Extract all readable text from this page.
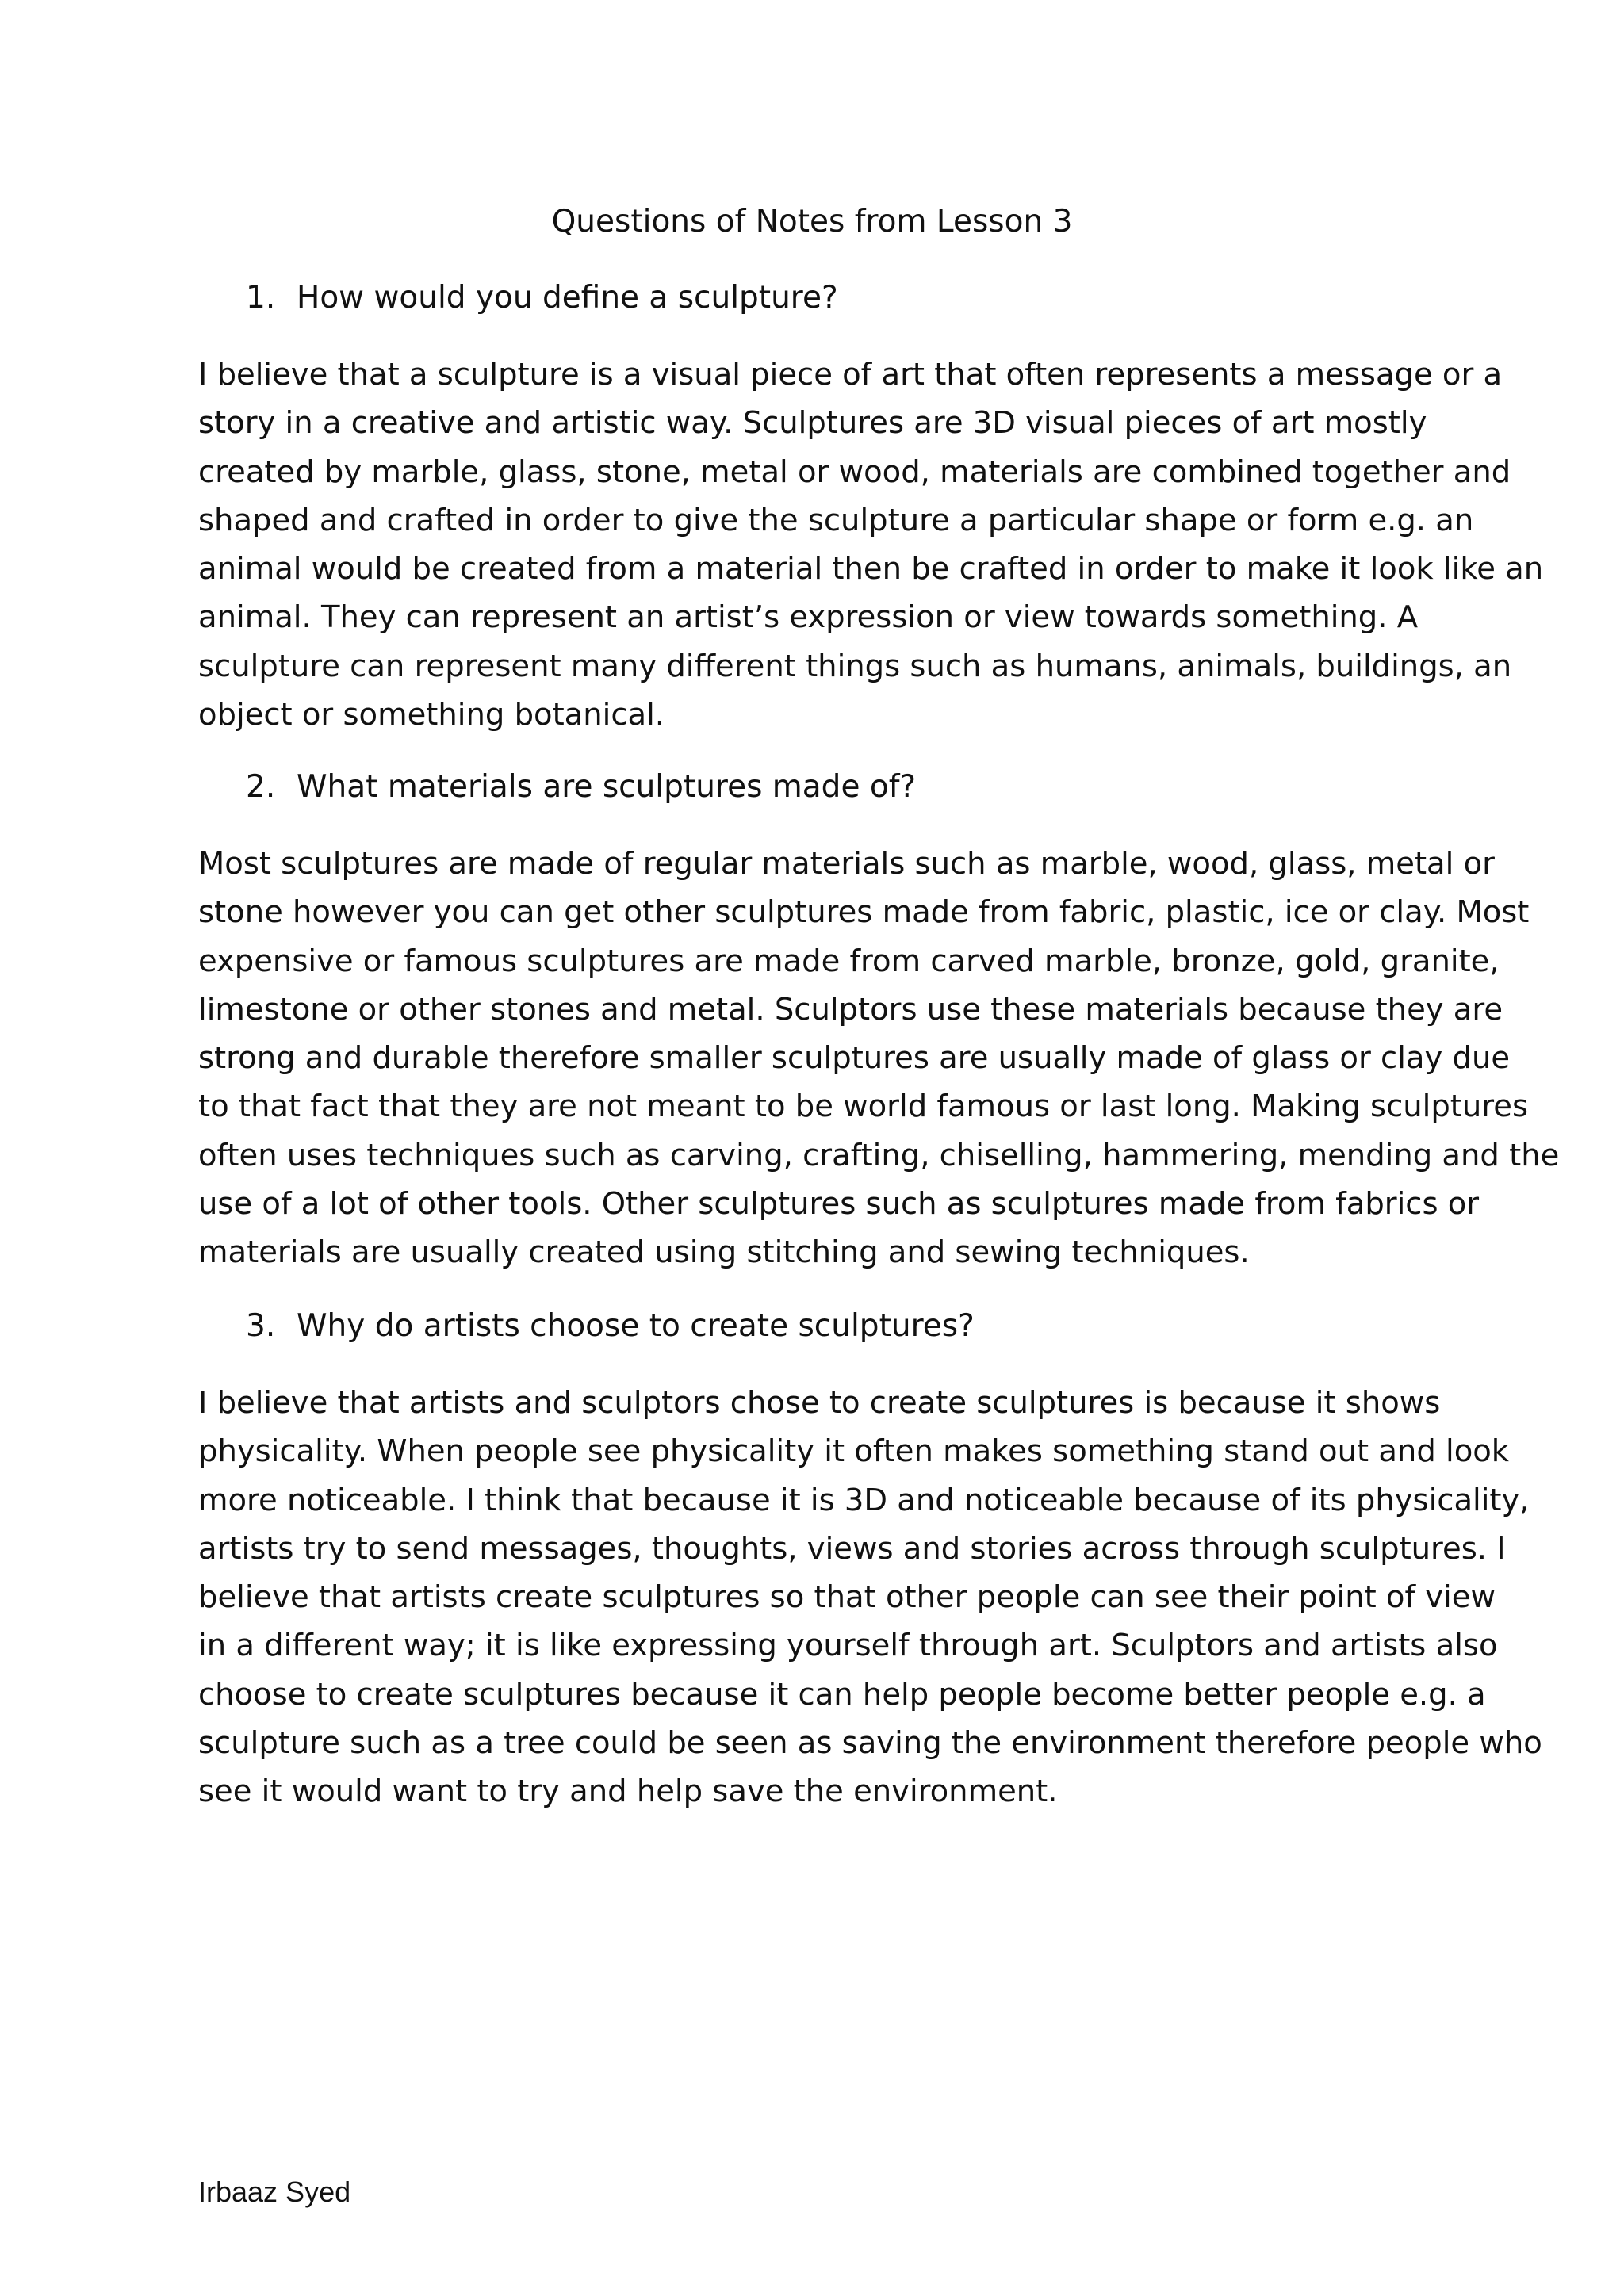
Questions of Notes from Lesson 3
1. How would you define a sculpture?
I believe that a sculpture is a visual piece of art that often represents a message or a
story in a creative and artistic way. Sculptures are 3D visual pieces of art mostly
created by marble, glass, stone, metal or wood, materials are combined together and
shaped and crafted in order to give the sculpture a particular shape or form e.g. an
animal would be created from a material then be crafted in order to make it look like an
animal. They can represent an artist’s expression or view towards something. A
sculpture can represent many different things such as humans, animals, buildings, an
object or something botanical.
2. What materials are sculptures made of?
Most sculptures are made of regular materials such as marble, wood, glass, metal or
stone however you can get other sculptures made from fabric, plastic, ice or clay. Most
expensive or famous sculptures are made from carved marble, bronze, gold, granite,
limestone or other stones and metal. Sculptors use these materials because they are
strong and durable therefore smaller sculptures are usually made of glass or clay due
to that fact that they are not meant to be world famous or last long. Making sculptures
often uses techniques such as carving, crafting, chiselling, hammering, mending and the
use of a lot of other tools. Other sculptures such as sculptures made from fabrics or
materials are usually created using stitching and sewing techniques.
3. Why do artists choose to create sculptures?
I believe that artists and sculptors chose to create sculptures is because it shows
physicality. When people see physicality it often makes something stand out and look
more noticeable. I think that because it is 3D and noticeable because of its physicality,
artists try to send messages, thoughts, views and stories across through sculptures. I
believe that artists create sculptures so that other people can see their point of view
in a different way; it is like expressing yourself through art. Sculptors and artists also
choose to create sculptures because it can help people become better people e.g. a
sculpture such as a tree could be seen as saving the environment therefore people who
see it would want to try and help save the environment.

Irbaaz Syed
